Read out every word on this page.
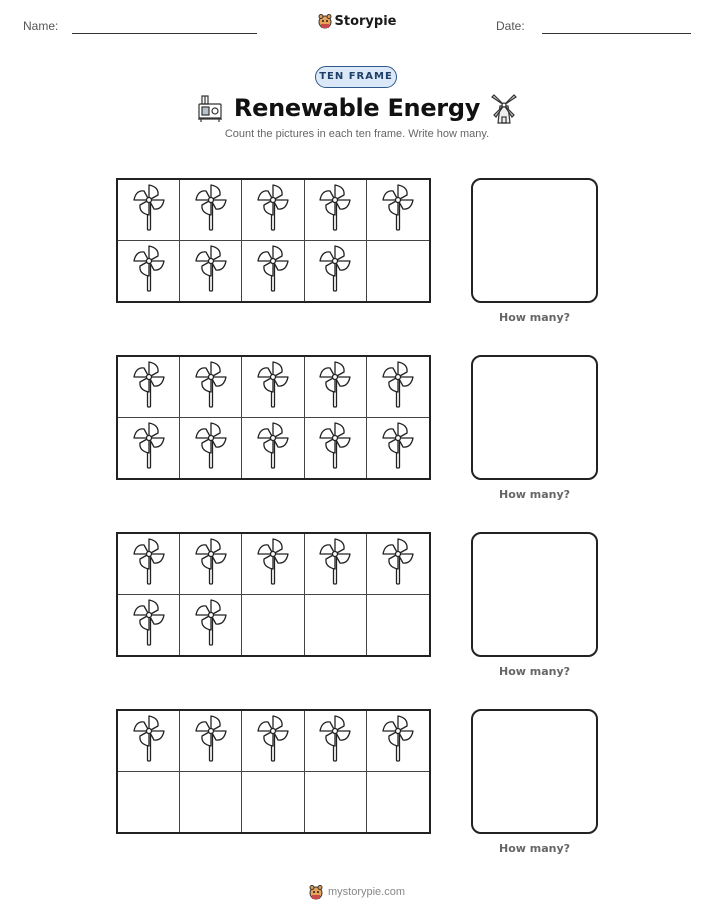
Name:	Storypie	Date:
TEN FRAME
Renewable Energy
Count the pictures in each ten frame. Write how many.
How many?
How many?
How many?
How many?
mystorypie.com
